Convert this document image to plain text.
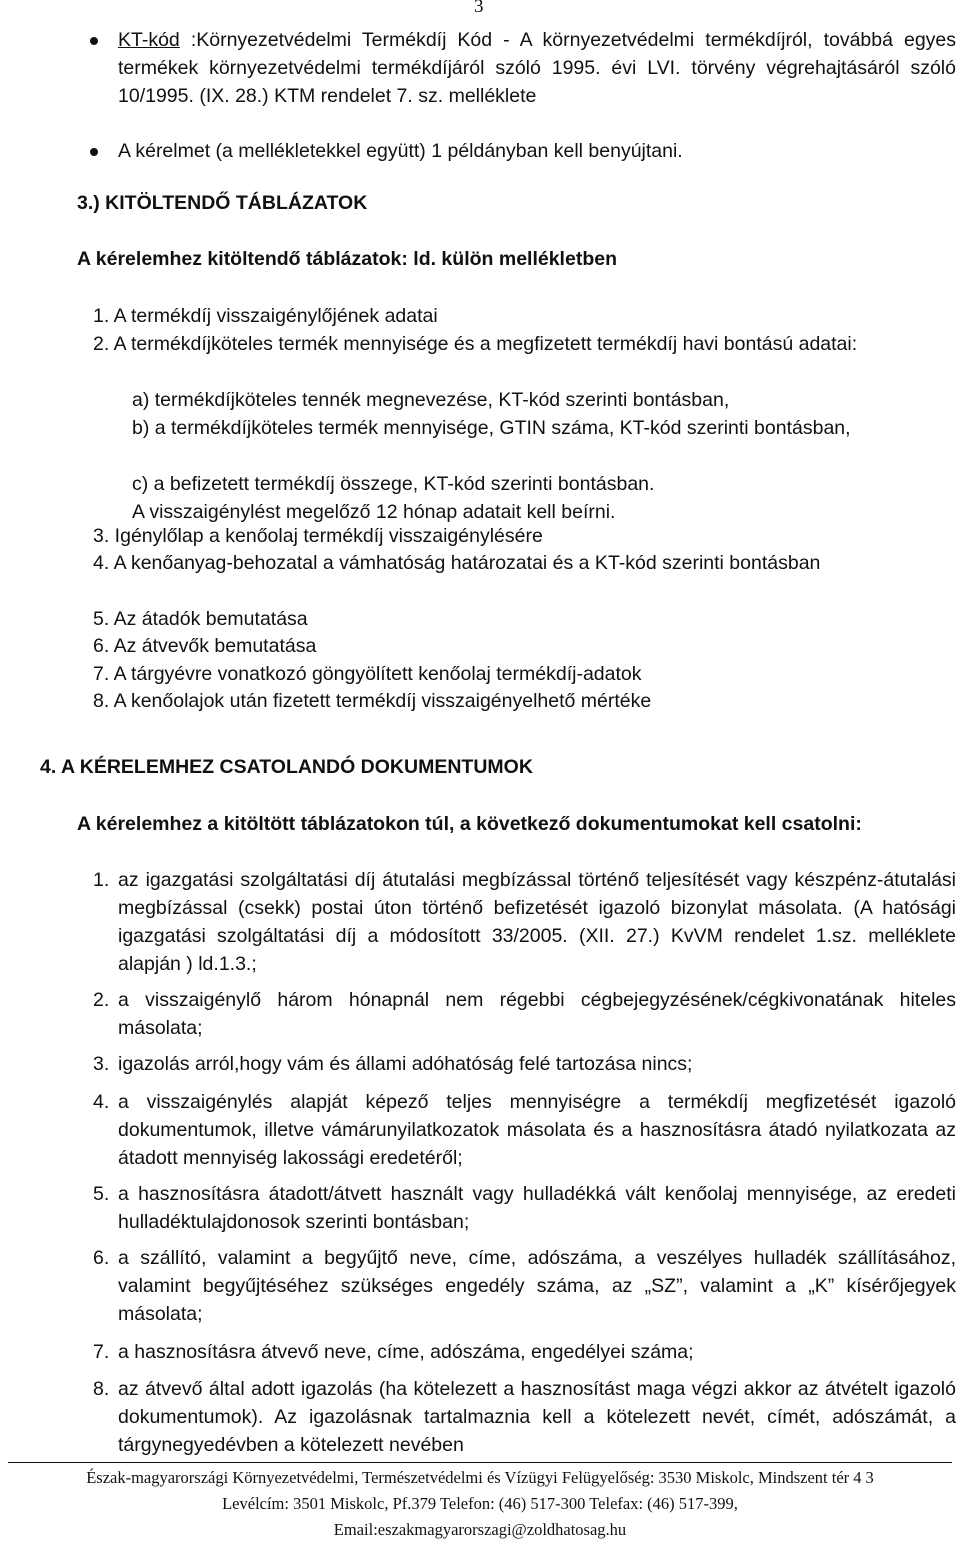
3
KT-kód :Környezetvédelmi Termékdíj Kód - A környezetvédelmi termékdíjról, továbbá egyes termékek környezetvédelmi termékdíjáról szóló 1995. évi LVI. törvény végrehajtásáról szóló 10/1995. (IX. 28.) KTM rendelet 7. sz. melléklete
A kérelmet (a mellékletekkel együtt) 1 példányban kell benyújtani.
3.) KITÖLTENDŐ TÁBLÁZATOK
A kérelemhez kitöltendő táblázatok: ld. külön mellékletben
1. A termékdíj visszaigénylőjének adatai
2. A termékdíjköteles termék mennyisége és a megfizetett termékdíj havi bontású adatai:
a) termékdíjköteles tennék megnevezése, KT-kód szerinti bontásban,
b) a termékdíjköteles termék mennyisége, GTIN száma, KT-kód szerinti bontásban,
c) a befizetett termékdíj összege, KT-kód szerinti bontásban.
A visszaigénylést megelőző 12 hónap adatait kell beírni.
3. Igénylőlap a kenőolaj termékdíj visszaigénylésére
4. A kenőanyag-behozatal a vámhatóság határozatai és a KT-kód szerinti bontásban
5. Az átadók bemutatása
6. Az átvevők bemutatása
7. A tárgyévre vonatkozó göngyölített kenőolaj termékdíj-adatok
8. A kenőolajok után fizetett termékdíj visszaigényelhető mértéke
4. A KÉRELEMHEZ CSATOLANDÓ DOKUMENTUMOK
A kérelemhez a kitöltött táblázatokon túl, a következő dokumentumokat kell csatolni:
1. az igazgatási szolgáltatási díj átutalási megbízással történő teljesítését vagy készpénz-átutalási megbízással (csekk) postai úton történő befizetését igazoló bizonylat másolata. (A hatósági igazgatási szolgáltatási díj a módosított 33/2005. (XII. 27.) KvVM rendelet 1.sz. melléklete alapján ) ld.1.3.;
2. a visszaigénylő három hónapnál nem régebbi cégbejegyzésének/cégkivonatának hiteles másolata;
3. igazolás arról,hogy vám és állami adóhatóság felé tartozása nincs;
4. a visszaigénylés alapját képező teljes mennyiségre a termékdíj megfizetését igazoló dokumentumok, illetve vámárunyilatkozatok másolata és a hasznosításra átadó nyilatkozata az átadott mennyiség lakossági eredetéről;
5. a hasznosításra átadott/átvett használt vagy hulladékká vált kenőolaj mennyisége, az eredeti hulladéktulajdonosok szerinti bontásban;
6. a szállító, valamint a begyűjtő neve, címe, adószáma, a veszélyes hulladék szállításához, valamint begyűjtéséhez szükséges engedély száma, az „SZ”, valamint a „K” kísérőjegyek másolata;
7. a hasznosításra átvevő neve, címe, adószáma, engedélyei száma;
8. az átvevő által adott igazolás (ha kötelezett a hasznosítást maga végzi akkor az átvételt igazoló dokumentumok). Az igazolásnak tartalmaznia kell a kötelezett nevét, címét, adószámát, a tárgynegyedévben a kötelezett nevében
Észak-magyarországi Környezetvédelmi, Természetvédelmi és Vízügyi Felügyelőség: 3530 Miskolc, Mindszent tér 4 3
Levélcím: 3501 Miskolc, Pf.379 Telefon: (46) 517-300 Telefax: (46) 517-399,
Email:eszakmagyarorszagi@zoldhatosag.hu
